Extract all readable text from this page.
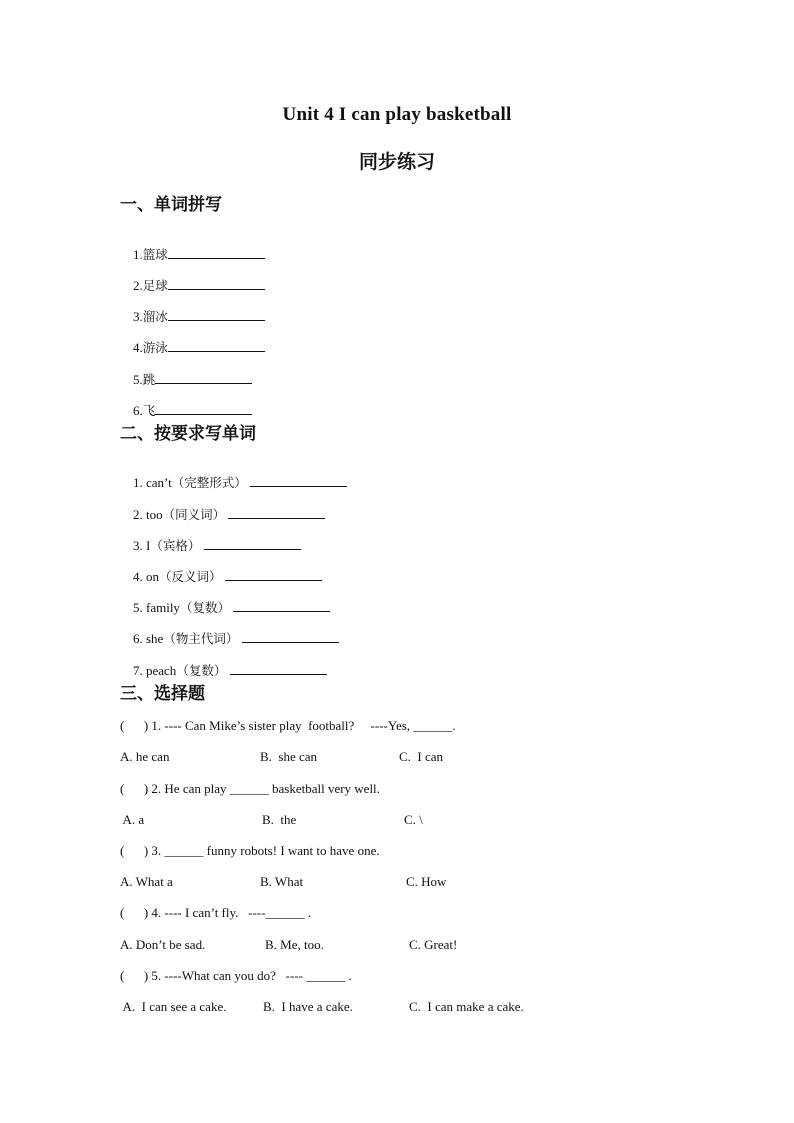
Unit 4 I can play basketball
同步练习
一、单词拼写

1.篮球

2.足球

3.溜冰

4.游泳

5.跳

6.飞

二、按要求写单词

1. can’t（完整形式）

2. too（同义词）

3. I（宾格）

4. on（反义词）

5. family（复数）

6. she（物主代词）

7. peach（复数）

三、选择题
(      ) 1. ---- Can Mike’s sister play  football?     ----Yes, ______.

A. he can

	B.  she can

	C.  I can

(      ) 2. He can play ______ basketball very well.

A. a

	B.  the

	C. \

(      ) 3. ______ funny robots! I want to have one.

A. What a

	B. What

	C. How

(      ) 4. ---- I can’t fly.   ----______ .

A. Don’t be sad.

	B. Me, too.

	C. Great!

(      ) 5. ----What can you do?   ---- ______ .

A.  I can see a cake.

	B.  I have a cake.

	C.  I can make a cake.
